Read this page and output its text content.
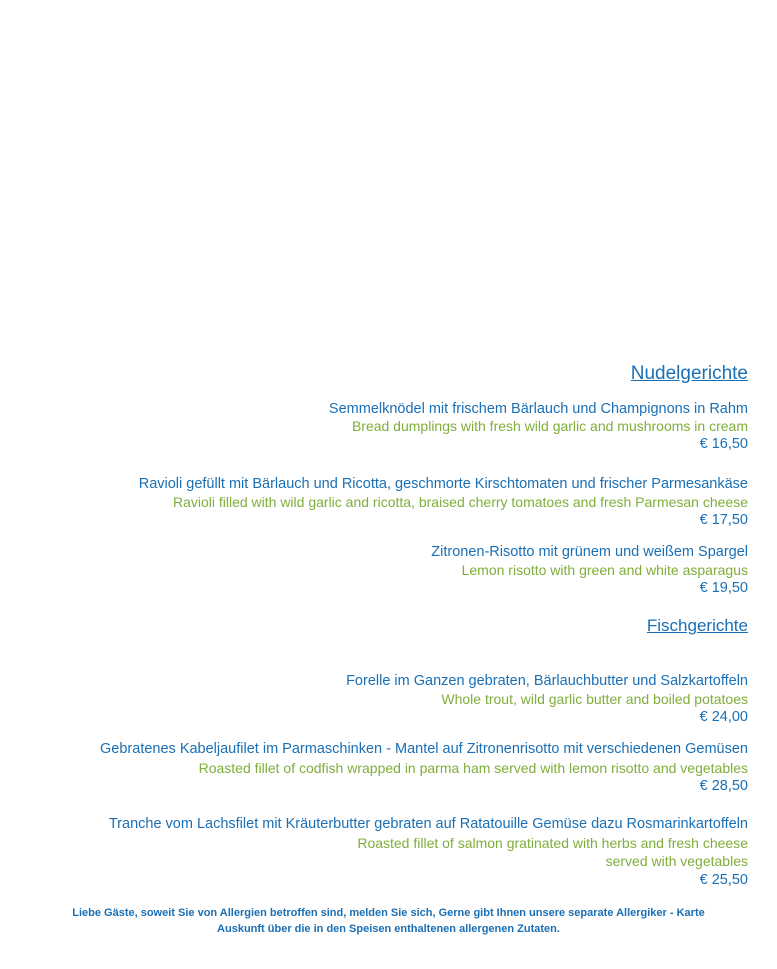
Nudelgerichte
Semmelknödel mit frischem Bärlauch und Champignons in Rahm
Bread dumplings with fresh wild garlic and mushrooms in cream
€ 16,50
Ravioli gefüllt mit Bärlauch und Ricotta, geschmorte Kirschtomaten und frischer Parmesankäse
Ravioli filled with wild garlic and ricotta, braised cherry tomatoes and fresh Parmesan cheese
€ 17,50
Zitronen-Risotto mit grünem und weißem Spargel
Lemon risotto with green and white asparagus
€ 19,50
Fischgerichte
Forelle im Ganzen gebraten, Bärlauchbutter und Salzkartoffeln
Whole trout, wild garlic butter and boiled potatoes
€ 24,00
Gebratenes Kabeljaufilet im Parmaschinken - Mantel auf Zitronenrisotto mit verschiedenen Gemüsen
Roasted fillet of codfish wrapped in parma ham served with lemon risotto and vegetables
€ 28,50
Tranche vom Lachsfilet mit Kräuterbutter gebraten auf Ratatouille Gemüse dazu Rosmarinkartoffeln
Roasted fillet of salmon gratinated with herbs and fresh cheese
served with vegetables
€ 25,50
Liebe Gäste, soweit Sie von Allergien betroffen sind, melden Sie sich, Gerne gibt Ihnen unsere separate Allergiker - Karte
Auskunft über die in den Speisen enthaltenen allergenen Zutaten.
